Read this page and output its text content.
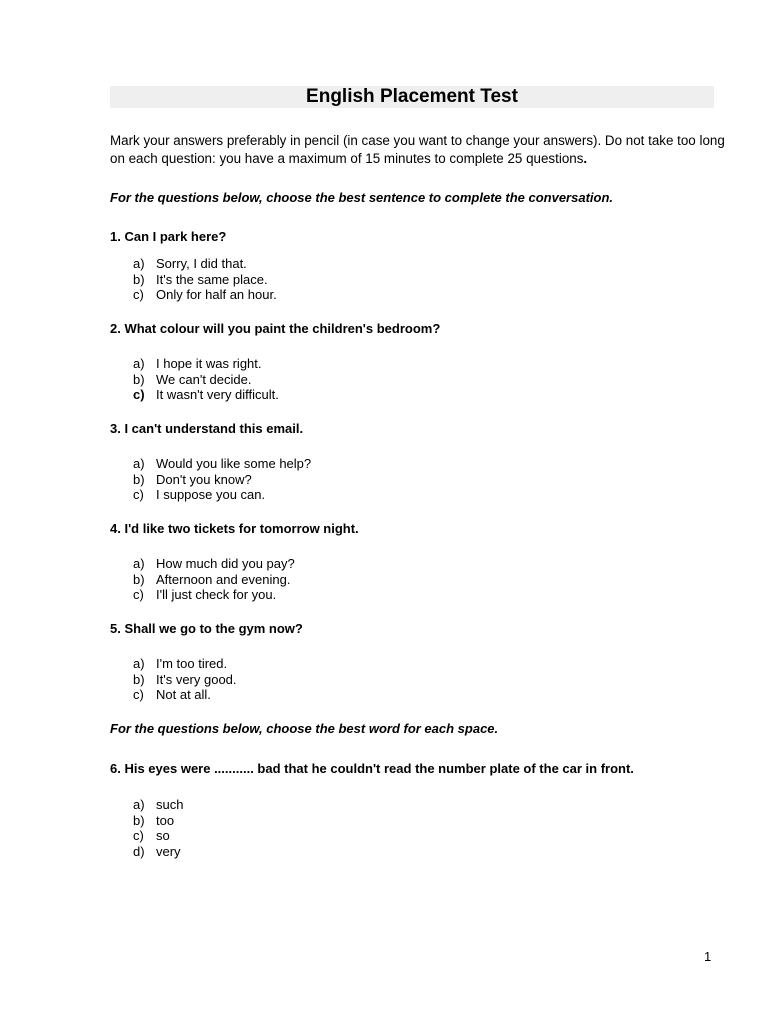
English Placement Test
Mark your answers preferably in pencil (in case you want to change your answers). Do not take too long on each question: you have a maximum of 15 minutes to complete 25 questions.
For the questions below, choose the best sentence to complete the conversation.
1. Can I park here?
a) Sorry, I did that.
b) It's the same place.
c) Only for half an hour.
2. What colour will you paint the children's bedroom?
a) I hope it was right.
b) We can't decide.
c) It wasn't very difficult.
3. I can't understand this email.
a) Would you like some help?
b) Don't you know?
c) I suppose you can.
4. I'd like two tickets for tomorrow night.
a) How much did you pay?
b) Afternoon and evening.
c) I'll just check for you.
5. Shall we go to the gym now?
a) I'm too tired.
b) It's very good.
c) Not at all.
For the questions below, choose the best word for each space.
6. His eyes were ........... bad that he couldn't read the number plate of the car in front.
a) such
b) too
c) so
d) very
1
